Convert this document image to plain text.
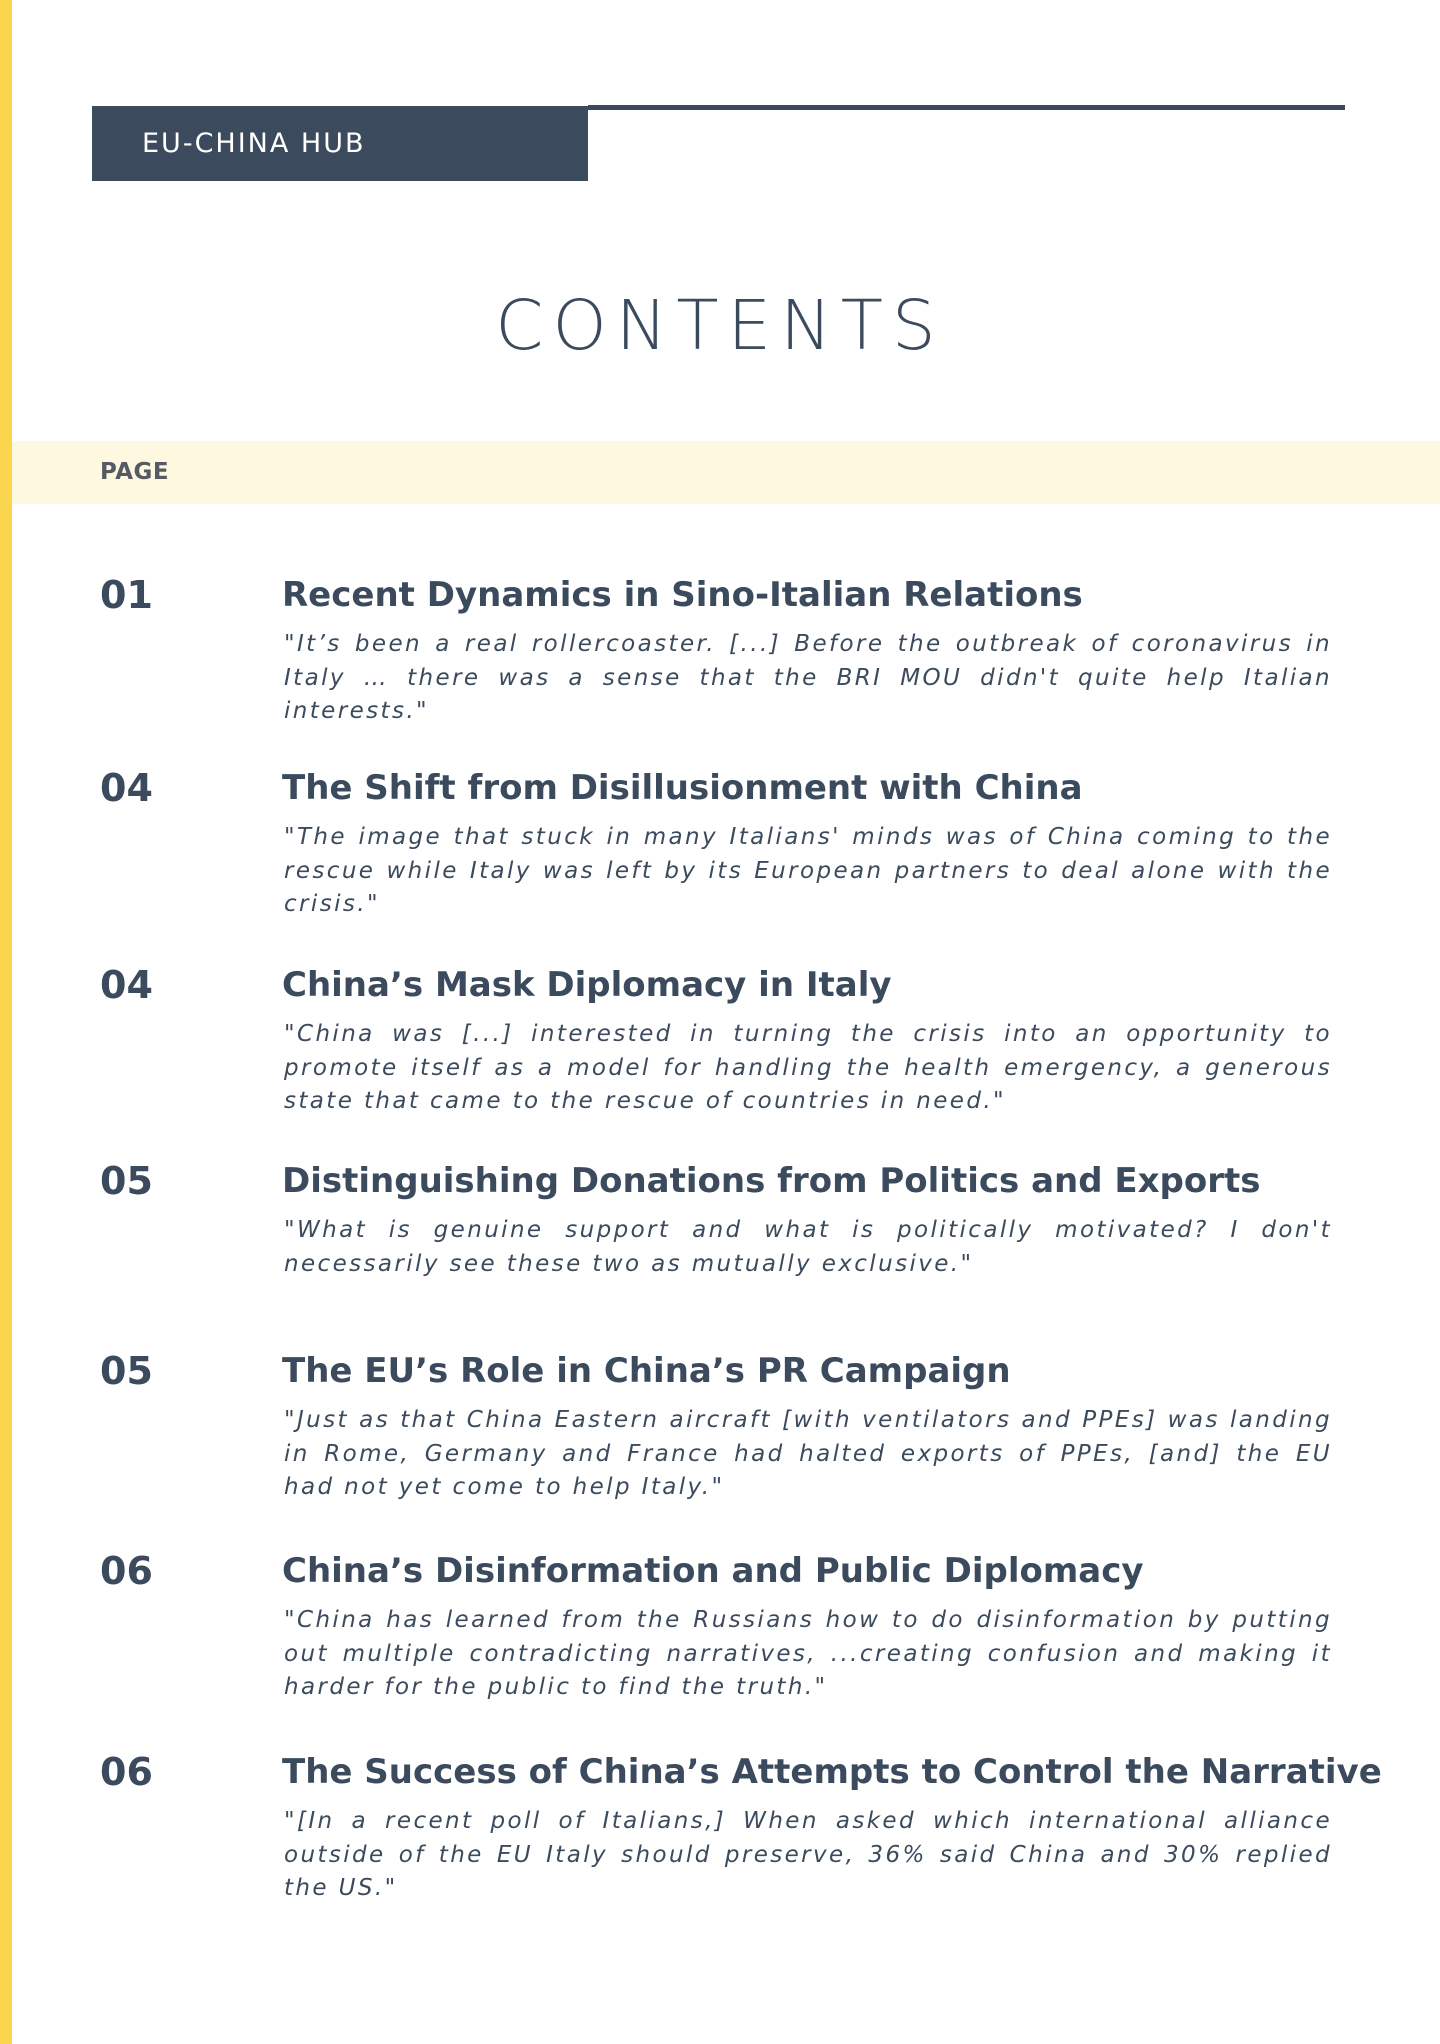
EU-CHINA HUB
CONTENTS
PAGE
01	Recent Dynamics in Sino-Italian Relations
"It’s been a real rollercoaster. [...] Before the outbreak of coronavirus in Italy … there was a sense that the BRI MOU didn't quite help Italian interests."
04	The Shift from Disillusionment with China
"The image that stuck in many Italians' minds was of China coming to the rescue while Italy was left by its European partners to deal alone with the crisis."
04	China’s Mask Diplomacy in Italy
"China was [...] interested in turning the crisis into an opportunity to promote itself as a model for handling the health emergency, a generous state that came to the rescue of countries in need."
05	Distinguishing Donations from Politics and Exports
"What is genuine support and what is politically motivated? I don't necessarily see these two as mutually exclusive."
05	The EU’s Role in China’s PR Campaign
"Just as that China Eastern aircraft [with ventilators and PPEs] was landing in Rome, Germany and France had halted exports of PPEs, [and] the EU had not yet come to help Italy."
06	China’s Disinformation and Public Diplomacy
"China has learned from the Russians how to do disinformation by putting out multiple contradicting narratives, ...creating confusion and making it harder for the public to find the truth."
06	The Success of China’s Attempts to Control the Narrative
"[In a recent poll of Italians,] When asked which international alliance outside of the EU Italy should preserve, 36% said China and 30% replied the US."
